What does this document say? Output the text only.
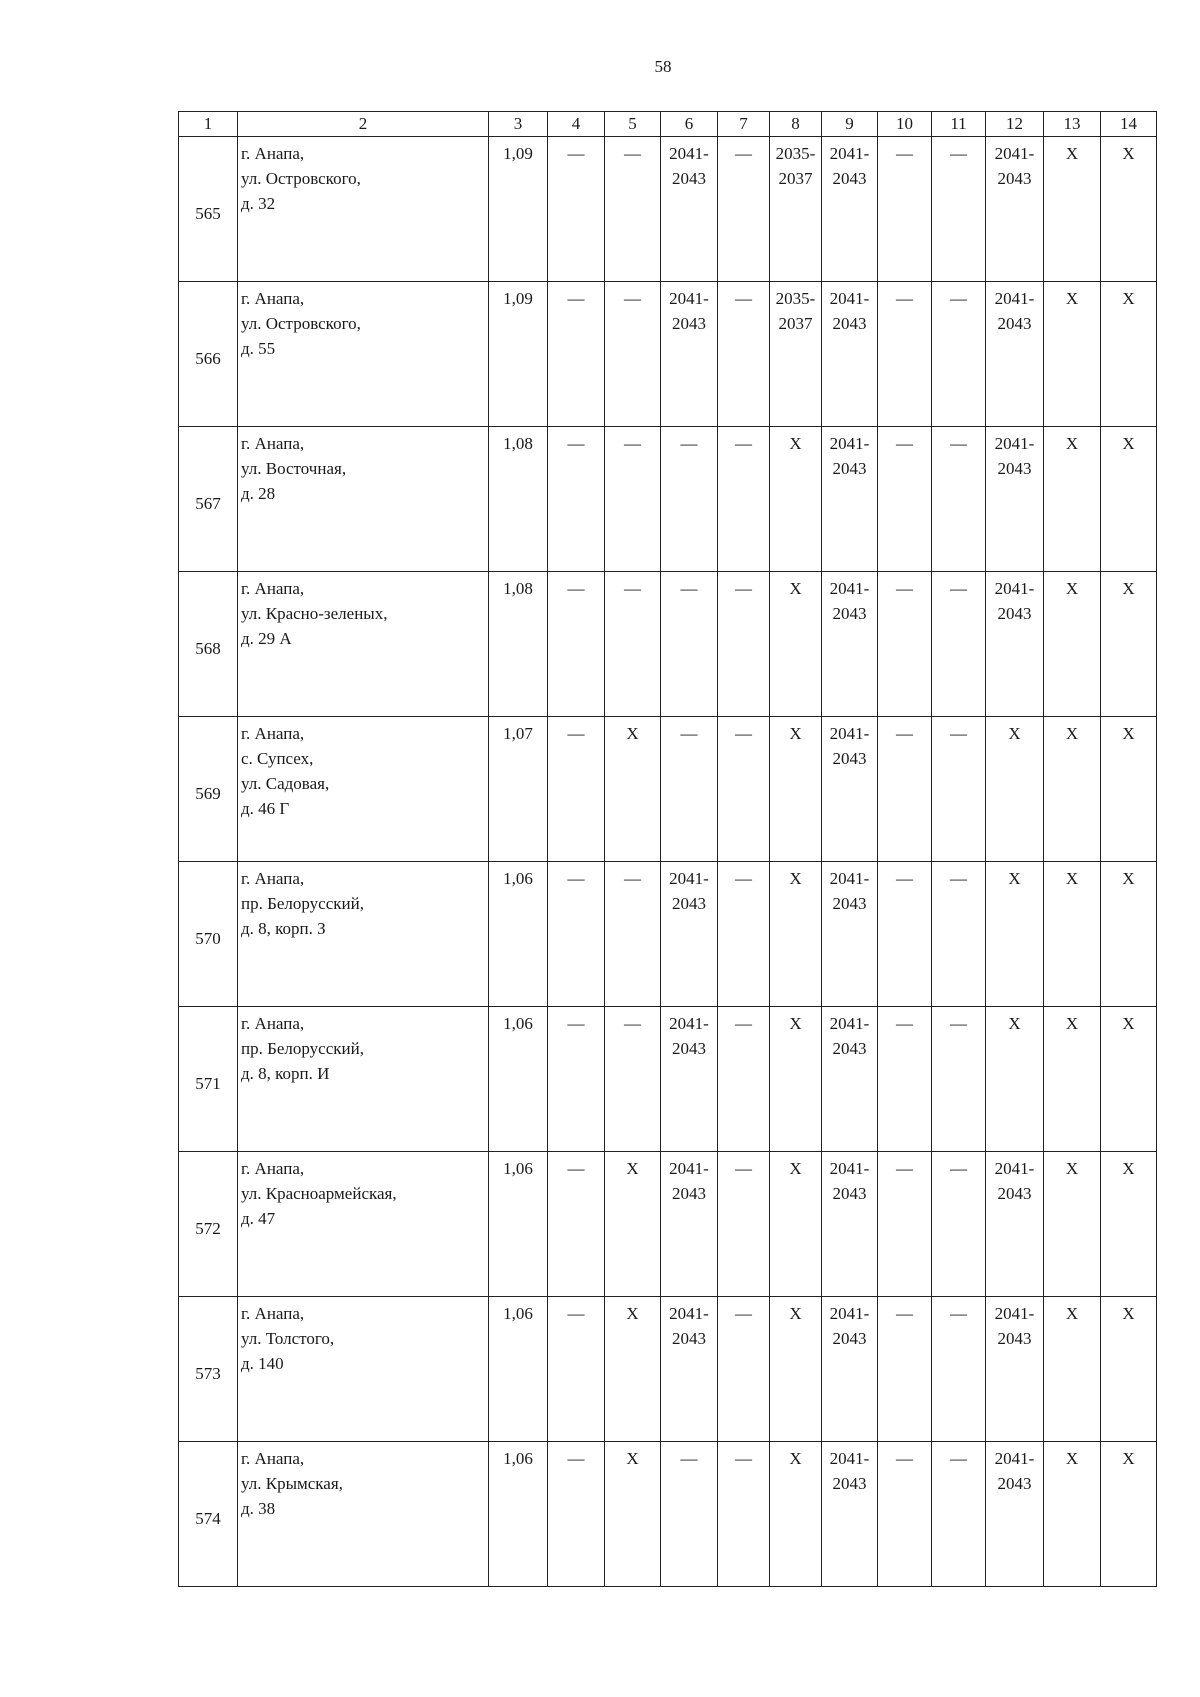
58
1	2	3	4	5	6	7	8	9	10	11	12	13	14
565	г. Анапа,
ул. Островского,
д. 32	1,09	—	—	2041-
2043	—	2035-
2037	2041-
2043	—	—	2041-
2043	Х	Х

566	г. Анапа,
ул. Островского,
д. 55	1,09	—	—	2041-
2043	—	2035-
2037	2041-
2043	—	—	2041-
2043	Х	Х

567	г. Анапа,
ул. Восточная,
д. 28	1,08	—	—	—	—	Х	2041-
2043	—	—	2041-
2043	Х	Х

568	г. Анапа,
ул. Красно-зеленых,
д. 29 А	1,08	—	—	—	—	Х	2041-
2043	—	—	2041-
2043	Х	Х

569	г. Анапа,
с. Супсех,
ул. Садовая,
д. 46 Г	1,07	—	Х	—	—	Х	2041-
2043	—	—	Х	Х	Х

570	г. Анапа,
пр. Белорусский,
д. 8, корп. З	1,06	—	—	2041-
2043	—	Х	2041-
2043	—	—	Х	Х	Х

571	г. Анапа,
пр. Белорусский,
д. 8, корп. И	1,06	—	—	2041-
2043	—	Х	2041-
2043	—	—	Х	Х	Х

572	г. Анапа,
ул. Красноармейская,
д. 47	1,06	—	Х	2041-
2043	—	Х	2041-
2043	—	—	2041-
2043	Х	Х

573	г. Анапа,
ул. Толстого,
д. 140	1,06	—	Х	2041-
2043	—	Х	2041-
2043	—	—	2041-
2043	Х	Х

574	г. Анапа,
ул. Крымская,
д. 38	1,06	—	Х	—	—	Х	2041-
2043	—	—	2041-
2043	Х	Х
